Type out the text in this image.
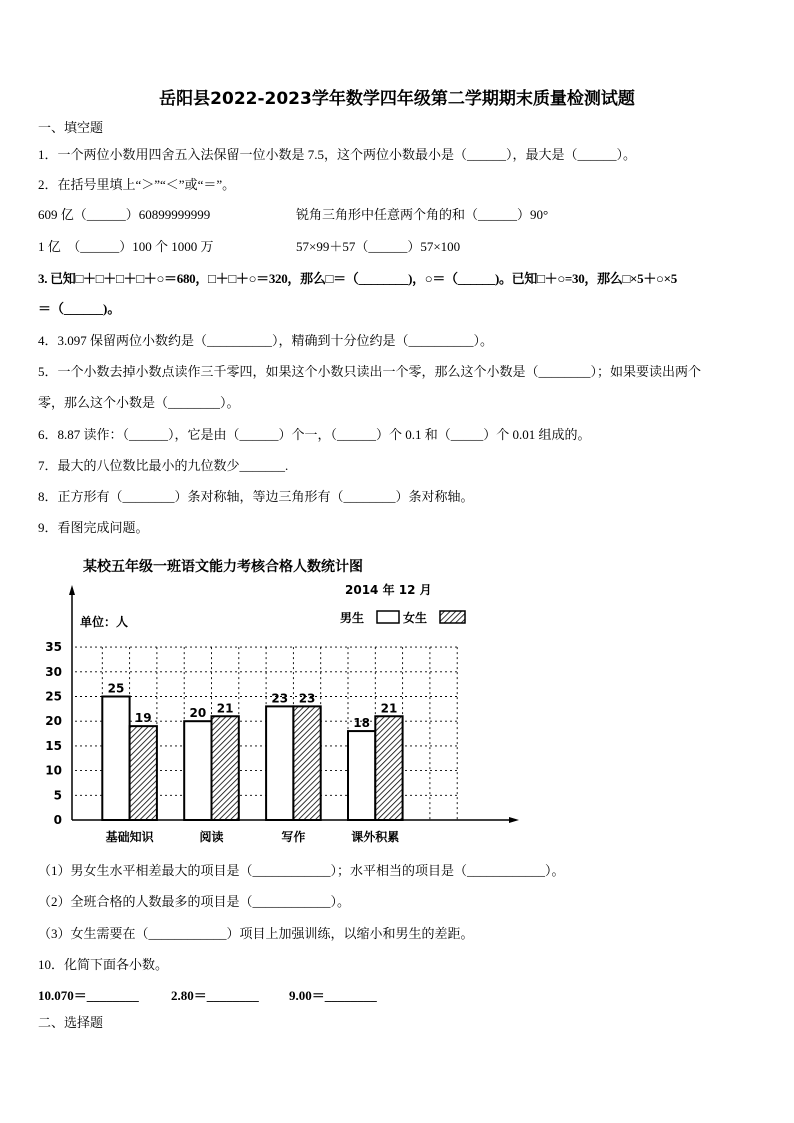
岳阳县2022-2023学年数学四年级第二学期期末质量检测试题
一、填空题
1．一个两位小数用四舍五入法保留一位小数是 7.5，这个两位小数最小是（______），最大是（______）。
2．在括号里填上“＞”“＜”或“＝”。
609 亿（______）60899999999	锐角三角形中任意两个角的和（______）90°
1 亿  （______）100 个 1000 万	57×99＋57（______）57×100
3. 已知□＋□＋□＋□＋○＝680，□＋□＋○＝320，那么□＝（________)，○＝（______)。已知□＋○=30，那么□×5＋○×5
＝（______)。
4．3.097 保留两位小数约是（__________），精确到十分位约是（__________）。
5．一个小数去掉小数点读作三千零四，如果这个小数只读出一个零，那么这个小数是（________）；如果要读出两个
零，那么这个小数是（________）。
6．8.87 读作：（______），它是由（______）个一，（______）个 0.1 和（_____）个 0.01 组成的。
7．最大的八位数比最小的九位数少_______.
8．正方形有（________）条对称轴，等边三角形有（________）条对称轴。
9．看图完成问题。
某校五年级一班语文能力考核合格人数统计图
2014 年 12 月
单位：人	男生	女生
0
5
10
15
20
25
30
35
25
20
23
18
19
21
23
21
基础知识	阅读	写作	课外积累
（1）男女生水平相差最大的项目是（____________）；水平相当的项目是（____________）。
（2）全班合格的人数最多的项目是（____________）。
（3）女生需要在（____________）项目上加强训练，以缩小和男生的差距。
10．化简下面各小数。
10.070＝________ 2.80＝________ 9.00＝________
二、选择题
